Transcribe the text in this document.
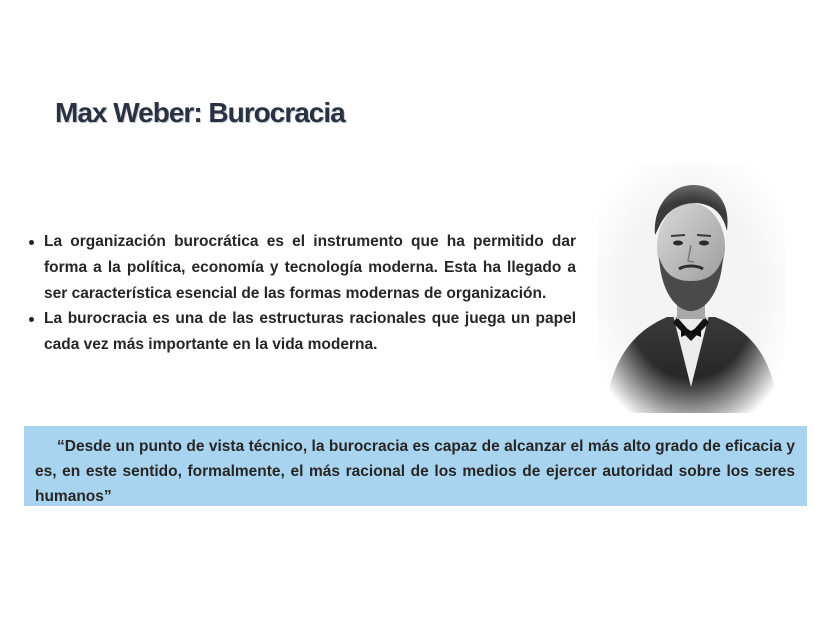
Max Weber: Burocracia
La organización burocrática es el instrumento que ha permitido dar forma a la política, economía y tecnología moderna. Esta ha llegado a ser característica esencial de las formas modernas de organización.
La burocracia es una de las estructuras racionales que juega un papel cada vez más importante en la vida moderna.

“Desde un punto de vista técnico, la burocracia es capaz de alcanzar el más alto grado de eficacia y es, en este sentido, formalmente, el más racional de los medios de ejercer autoridad sobre los seres humanos”
